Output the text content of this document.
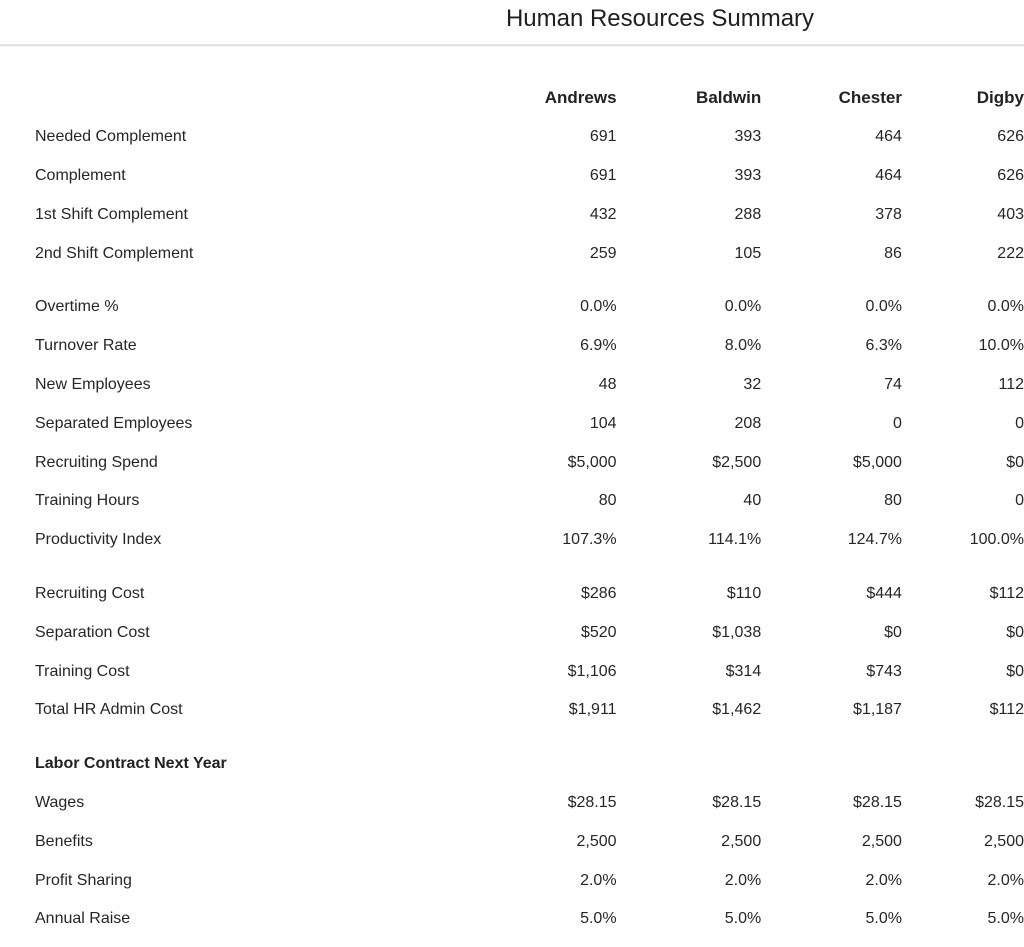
Human Resources Summary
	Andrews	Baldwin	Chester	Digby
Needed Complement	691	393	464	626
Complement	691	393	464	626
1st Shift Complement	432	288	378	403
2nd Shift Complement	259	105	86	222

Overtime %	0.0%	0.0%	0.0%	0.0%
Turnover Rate	6.9%	8.0%	6.3%	10.0%
New Employees	48	32	74	112
Separated Employees	104	208	0	0
Recruiting Spend	$5,000	$2,500	$5,000	$0
Training Hours	80	40	80	0
Productivity Index	107.3%	114.1%	124.7%	100.0%

Recruiting Cost	$286	$110	$444	$112
Separation Cost	$520	$1,038	$0	$0
Training Cost	$1,106	$314	$743	$0
Total HR Admin Cost	$1,911	$1,462	$1,187	$112

Labor Contract Next Year				
Wages	$28.15	$28.15	$28.15	$28.15
Benefits	2,500	2,500	2,500	2,500
Profit Sharing	2.0%	2.0%	2.0%	2.0%
Annual Raise	5.0%	5.0%	5.0%	5.0%
